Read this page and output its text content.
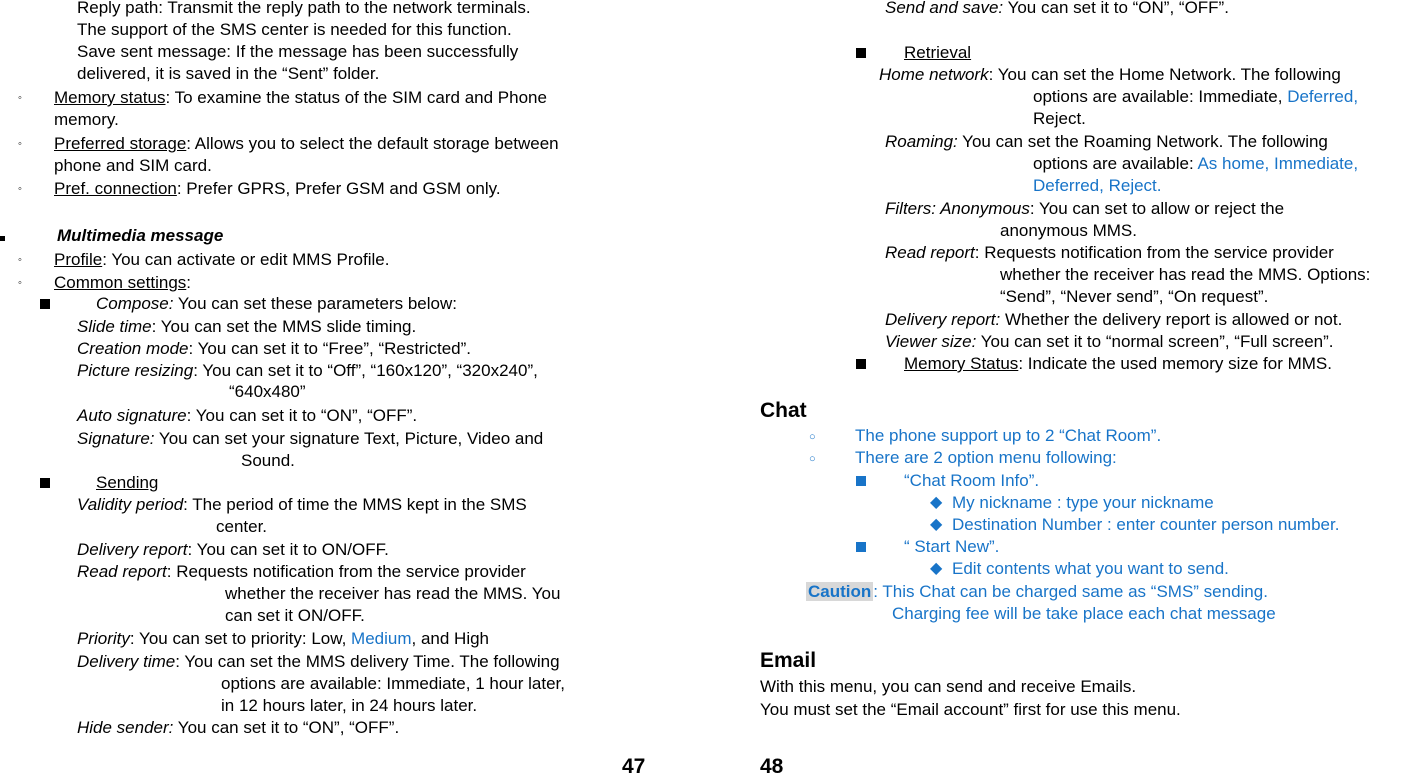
Reply path: Transmit the reply path to the network terminals.
The support of the SMS center is needed for this function.
Save sent message: If the message has been successfully
delivered, it is saved in the “Sent” folder.
◦ Memory status: To examine the status of the SIM card and Phone
memory.
◦ Preferred storage: Allows you to select the default storage between
phone and SIM card.
◦ Pref. connection: Prefer GPRS, Prefer GSM and GSM only.
Multimedia message
◦ Profile: You can activate or edit MMS Profile.
◦ Common settings:
Compose: You can set these parameters below:
Slide time: You can set the MMS slide timing.
Creation mode: You can set it to “Free”, “Restricted”.
Picture resizing: You can set it to “Off”, “160x120”, “320x240”,
“640x480”
Auto signature: You can set it to “ON”, “OFF”.
Signature: You can set your signature Text, Picture, Video and
Sound.
Sending
Validity period: The period of time the MMS kept in the SMS
center.
Delivery report: You can set it to ON/OFF.
Read report: Requests notification from the service provider
whether the receiver has read the MMS. You
can set it ON/OFF.
Priority: You can set to priority: Low, Medium, and High
Delivery time: You can set the MMS delivery Time. The following
options are available: Immediate, 1 hour later,
in 12 hours later, in 24 hours later.
Hide sender: You can set it to “ON”, “OFF”.
47
Send and save: You can set it to “ON”, “OFF”.
Retrieval
Home network: You can set the Home Network. The following
options are available: Immediate, Deferred,
Reject.
Roaming: You can set the Roaming Network. The following
options are available: As home, Immediate,
Deferred, Reject.
Filters: Anonymous: You can set to allow or reject the
anonymous MMS.
Read report: Requests notification from the service provider
whether the receiver has read the MMS. Options:
“Send”, “Never send”, “On request”.
Delivery report: Whether the delivery report is allowed or not.
Viewer size: You can set it to “normal screen”, “Full screen”.
Memory Status: Indicate the used memory size for MMS.
Chat
○ The phone support up to 2 “Chat Room”.
○ There are 2 option menu following:
“Chat Room Info”.
◆ My nickname : type your nickname
◆ Destination Number : enter counter person number.
“ Start New”.
◆ Edit contents what you want to send.
Caution : This Chat can be charged same as “SMS” sending.
Charging fee will be take place each chat message
Email
With this menu, you can send and receive Emails.
You must set the “Email account” first for use this menu.
48
